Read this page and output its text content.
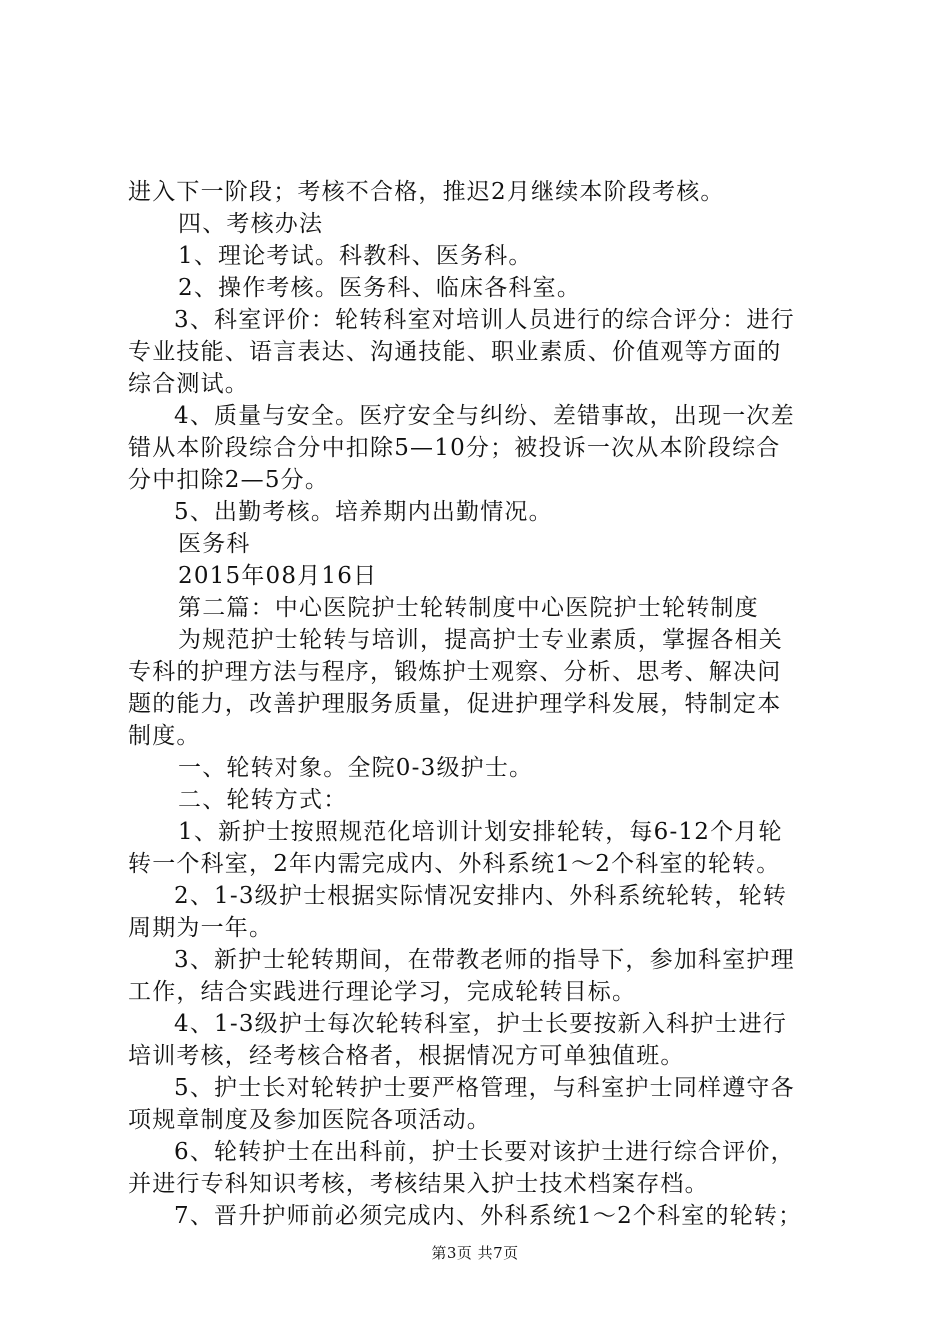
进入下一阶段；考核不合格，推迟2月继续本阶段考核。
四、考核办法
1、理论考试。科教科、医务科。
2、操作考核。医务科、临床各科室。
3、科室评价：轮转科室对培训人员进行的综合评分：进行
专业技能、语言表达、沟通技能、职业素质、价值观等方面的
综合测试。
4、质量与安全。医疗安全与纠纷、差错事故，出现一次差
错从本阶段综合分中扣除5—10分；被投诉一次从本阶段综合
分中扣除2—5分。
5、出勤考核。培养期内出勤情况。
医务科
2015年08月16日
第二篇：中心医院护士轮转制度中心医院护士轮转制度
为规范护士轮转与培训，提高护士专业素质，掌握各相关
专科的护理方法与程序，锻炼护士观察、分析、思考、解决问
题的能力，改善护理服务质量，促进护理学科发展，特制定本
制度。
一、轮转对象。全院0-3级护士。
二、轮转方式：
1、新护士按照规范化培训计划安排轮转，每6-12个月轮
转一个科室，2年内需完成内、外科系统1～2个科室的轮转。
2、1-3级护士根据实际情况安排内、外科系统轮转，轮转
周期为一年。
3、新护士轮转期间，在带教老师的指导下，参加科室护理
工作，结合实践进行理论学习，完成轮转目标。
4、1-3级护士每次轮转科室，护士长要按新入科护士进行
培训考核，经考核合格者，根据情况方可单独值班。
5、护士长对轮转护士要严格管理，与科室护士同样遵守各
项规章制度及参加医院各项活动。
6、轮转护士在出科前，护士长要对该护士进行综合评价，
并进行专科知识考核，考核结果入护士技术档案存档。
7、晋升护师前必须完成内、外科系统1～2个科室的轮转；
第3页 共7页
